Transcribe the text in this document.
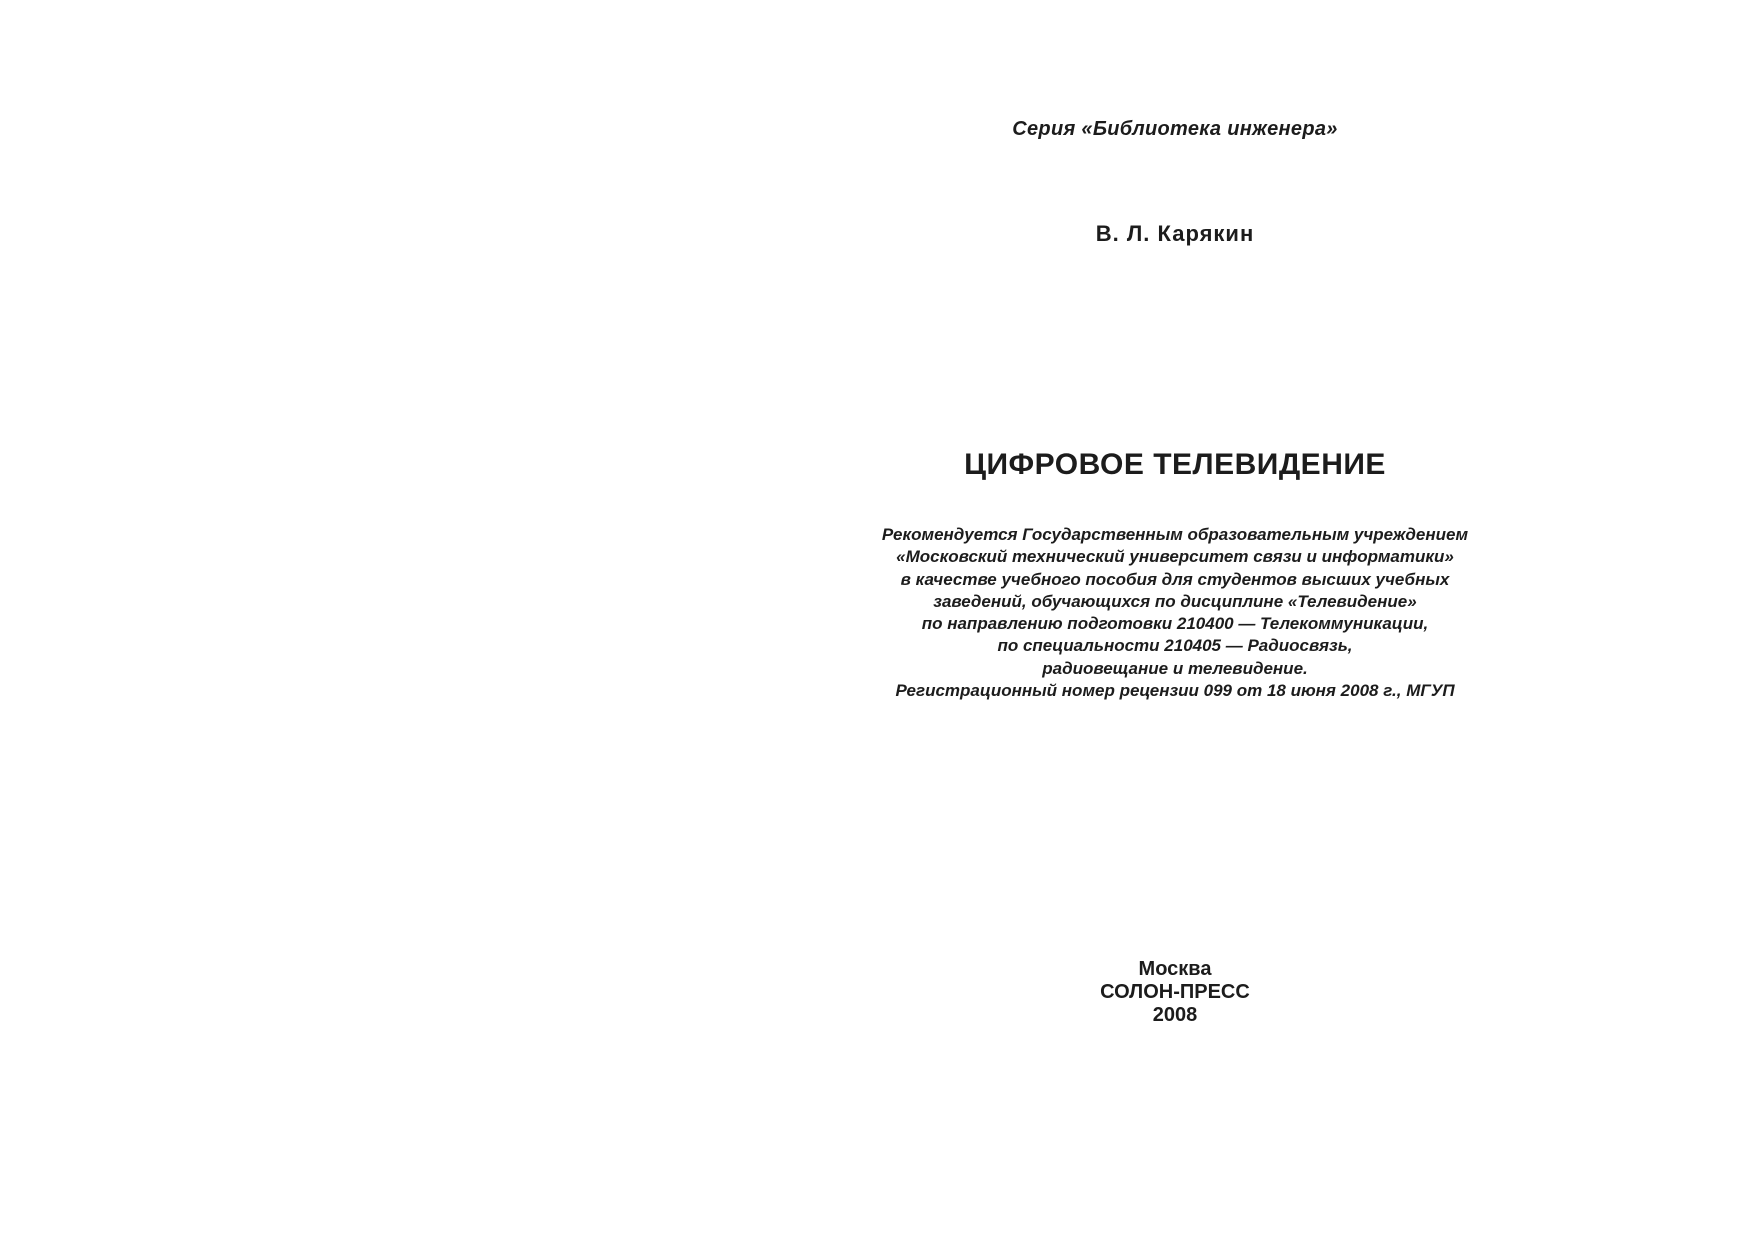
Серия «Библиотека инженера»
В. Л. Карякин
ЦИФРОВОЕ ТЕЛЕВИДЕНИЕ
Рекомендуется Государственным образовательным учреждением
«Московский технический университет связи и информатики»
в качестве учебного пособия для студентов высших учебных
заведений, обучающихся по дисциплине «Телевидение»
по направлению подготовки 210400 — Телекоммуникации,
по специальности 210405 — Радиосвязь,
радиовещание и телевидение.
Регистрационный номер рецензии 099 от 18 июня 2008 г., МГУП
Москва
СОЛОН-ПРЕСС
2008
